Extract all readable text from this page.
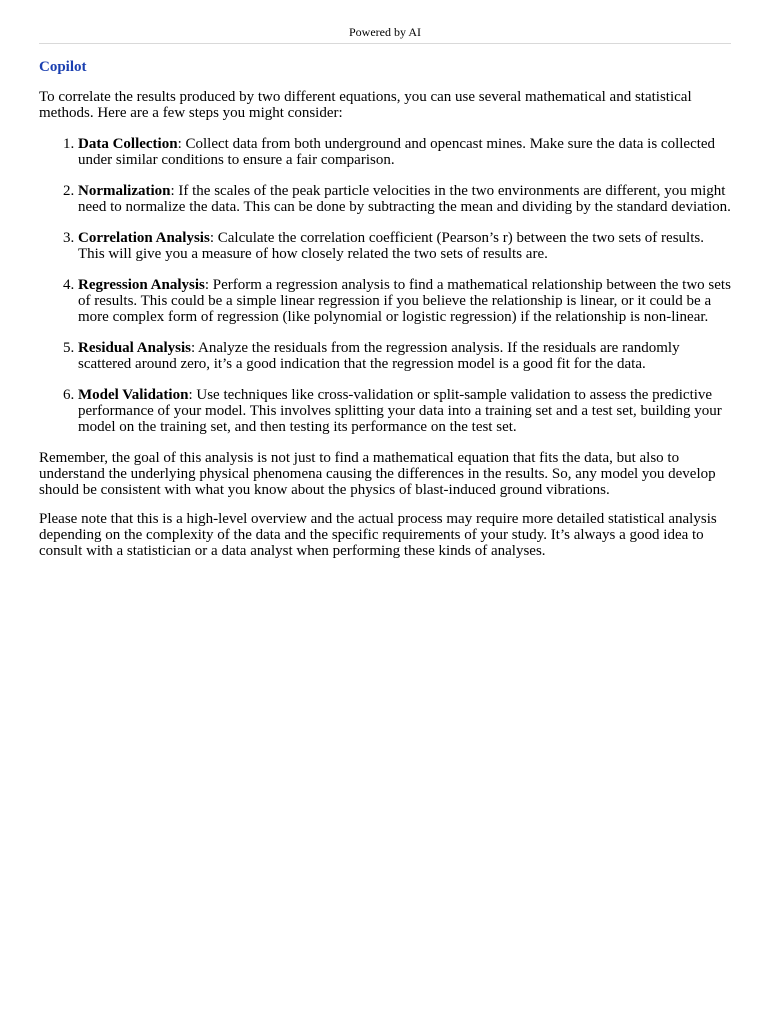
Powered by AI
Copilot

To correlate the results produced by two different equations, you can use several mathematical and statistical methods. Here are a few steps you might consider:

1. Data Collection: Collect data from both underground and opencast mines. Make sure the data is collected under similar conditions to ensure a fair comparison.
2. Normalization: If the scales of the peak particle velocities in the two environments are different, you might need to normalize the data. This can be done by subtracting the mean and dividing by the standard deviation.
3. Correlation Analysis: Calculate the correlation coefficient (Pearson’s r) between the two sets of results. This will give you a measure of how closely related the two sets of results are.
4. Regression Analysis: Perform a regression analysis to find a mathematical relationship between the two sets of results. This could be a simple linear regression if you believe the relationship is linear, or it could be a more complex form of regression (like polynomial or logistic regression) if the relationship is non-linear.
5. Residual Analysis: Analyze the residuals from the regression analysis. If the residuals are randomly scattered around zero, it’s a good indication that the regression model is a good fit for the data.
6. Model Validation: Use techniques like cross-validation or split-sample validation to assess the predictive performance of your model. This involves splitting your data into a training set and a test set, building your model on the training set, and then testing its performance on the test set.

Remember, the goal of this analysis is not just to find a mathematical equation that fits the data, but also to understand the underlying physical phenomena causing the differences in the results. So, any model you develop should be consistent with what you know about the physics of blast-induced ground vibrations.

Please note that this is a high-level overview and the actual process may require more detailed statistical analysis depending on the complexity of the data and the specific requirements of your study. It’s always a good idea to consult with a statistician or a data analyst when performing these kinds of analyses.
